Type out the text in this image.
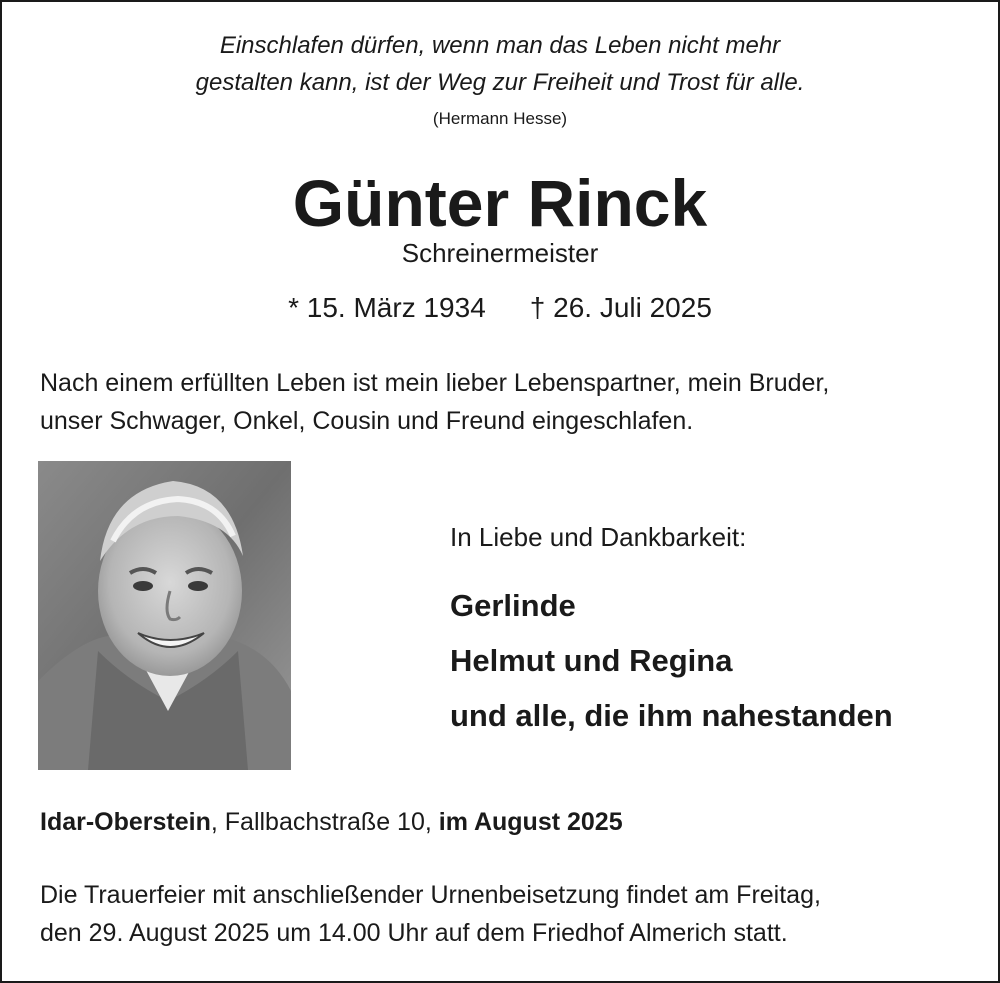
Einschlafen dürfen, wenn man das Leben nicht mehr
gestalten kann, ist der Weg zur Freiheit und Trost für alle.
(Hermann Hesse)
Günter Rinck
Schreinermeister
* 15. März 1934 † 26. Juli 2025
Nach einem erfüllten Leben ist mein lieber Lebenspartner, mein Bruder,
unser Schwager, Onkel, Cousin und Freund eingeschlafen.
In Liebe und Dankbarkeit:
Gerlinde
Helmut und Regina
und alle, die ihm nahestanden
Idar-Oberstein, Fallbachstraße 10, im August 2025
Die Trauerfeier mit anschließender Urnenbeisetzung findet am Freitag,
den 29. August 2025 um 14.00 Uhr auf dem Friedhof Almerich statt.
